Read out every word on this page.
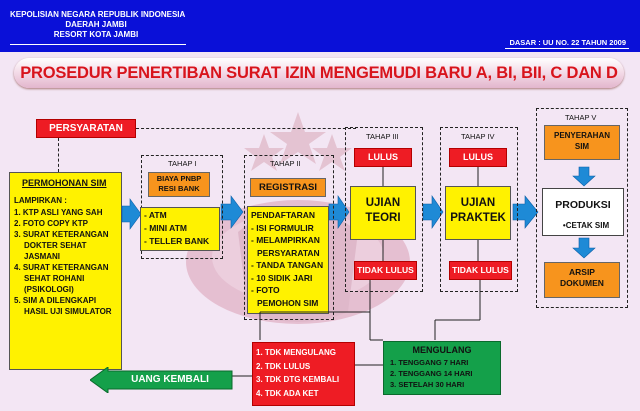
KEPOLISIAN NEGARA REPUBLIK INDONESIA
DAERAH JAMBI
RESORT KOTA JAMBI
DASAR : UU NO. 22 TAHUN 2009
PROSEDUR PENERTIBAN SURAT IZIN MENGEMUDI BARU A, BI, BII, C DAN D
PERSYARATAN
PERMOHONAN SIM
LAMPIRKAN :
1. KTP ASLI YANG SAH
2. FOTO COPY KTP
3. SURAT KETERANGAN
DOKTER SEHAT
JASMANI
4. SURAT KETERANGAN
SEHAT ROHANI
(PSIKOLOGI)
5. SIM A DILENGKAPI
HASIL UJI SIMULATOR
TAHAP I
BIAYA PNBP
RESI BANK
- ATM
- MINI ATM
- TELLER BANK
TAHAP II
REGISTRASI
PENDAFTARAN
- ISI FORMULIR
- MELAMPIRKAN
PERSYARATAN
- TANDA TANGAN
- 10 SIDIK JARI
- FOTO
PEMOHON SIM
TAHAP III
LULUS
UJIAN
TEORI
TIDAK LULUS
TAHAP IV
LULUS
UJIAN
PRAKTEK
TIDAK LULUS
TAHAP V
PENYERAHAN
SIM
PRODUKSI
•CETAK SIM
ARSIP
DOKUMEN
1. TDK MENGULANG
2. TDK LULUS
3. TDK DTG KEMBALI
4. TDK ADA KET
MENGULANG
1. TENGGANG 7 HARI
2. TENGGANG 14 HARI
3. SETELAH 30 HARI
UANG KEMBALI
